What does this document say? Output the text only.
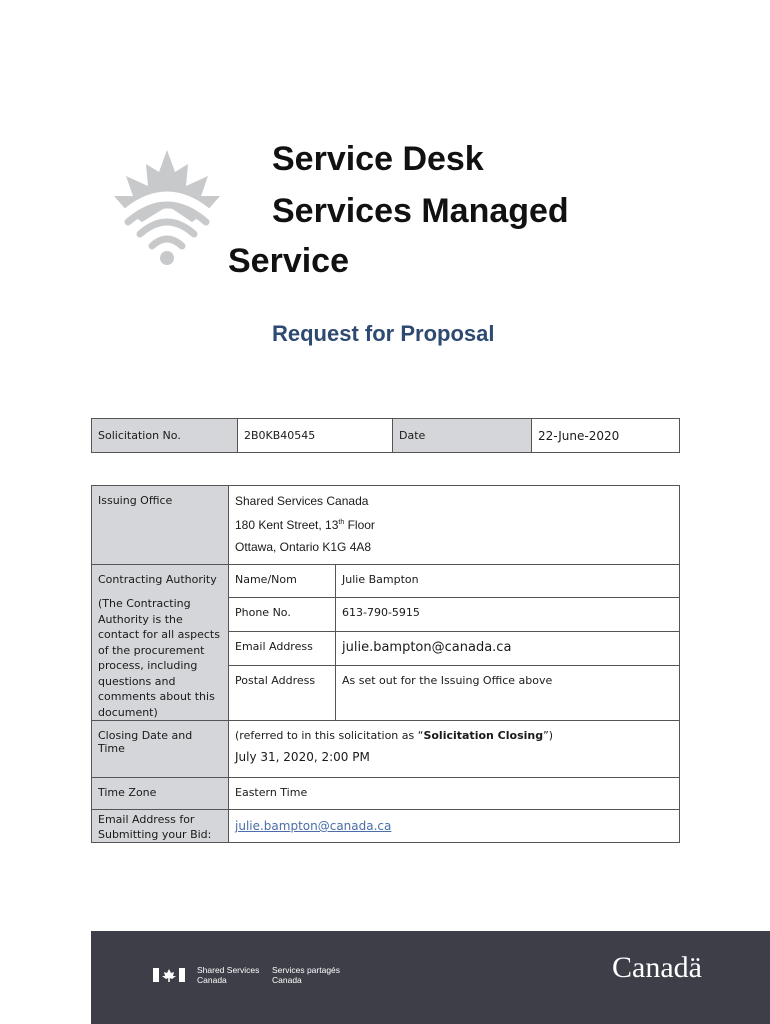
Service Desk
Services Managed
Service
Request for Proposal
Solicitation No.	2B0KB40545	Date	22-June-2020
Issuing Office	Shared Services Canada
180 Kent Street, 13th Floor
Ottawa, Ontario K1G 4A8	

Contracting Authority
(The Contracting Authority is the contact for all aspects of the procurement process, including questions and comments about this document)	Name/Nom	Julie Bampton
	Phone No.	613-790-5915
	Email Address	julie.bampton@canada.ca
	Postal Address	As set out for the Issuing Office above
Closing Date and Time	(referred to in this solicitation as “Solicitation Closing”)
July 31, 2020, 2:00 PM	

Time Zone	Eastern Time	
Email Address for Submitting your Bid:	julie.bampton@canada.ca	
Shared Services
Canada
Services partagés
Canada	Canadä
